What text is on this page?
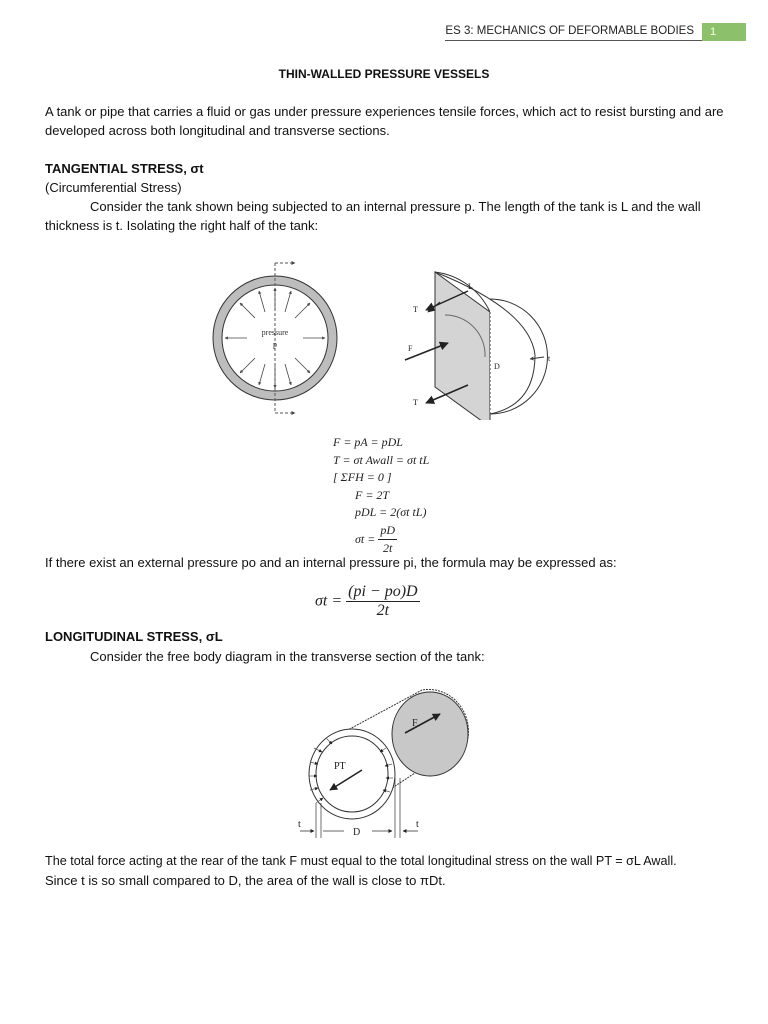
ES 3: MECHANICS OF DEFORMABLE BODIES	1
THIN-WALLED PRESSURE VESSELS
A tank or pipe that carries a fluid or gas under pressure experiences tensile forces, which act to resist bursting and are developed across both longitudinal and transverse sections.
TANGENTIAL STRESS, σt
(Circumferential Stress)
Consider the tank shown being subjected to an internal pressure p. The length of the tank is L and the wall thickness is t. Isolating the right half of the tank:
pressure
p
T
F
T
L
D
t
F = pA = pDL
T = σt Awall = σt tL
[ ΣFH = 0 ]
F = 2T
pDL = 2(σt tL)
$\sigma t = \frac{pD}{2t}$
If there exist an external pressure po and an internal pressure pi, the formula may be expressed as:
$\sigma t = \frac{(pi - po)D}{2t}$
LONGITUDINAL STRESS, σL
Consider the free body diagram in the transverse section of the tank:
F
PT
D
t	t
The total force acting at the rear of the tank F must equal to the total longitudinal stress on the wall PT = σL Awall.
Since t is so small compared to D, the area of the wall is close to πDt.
